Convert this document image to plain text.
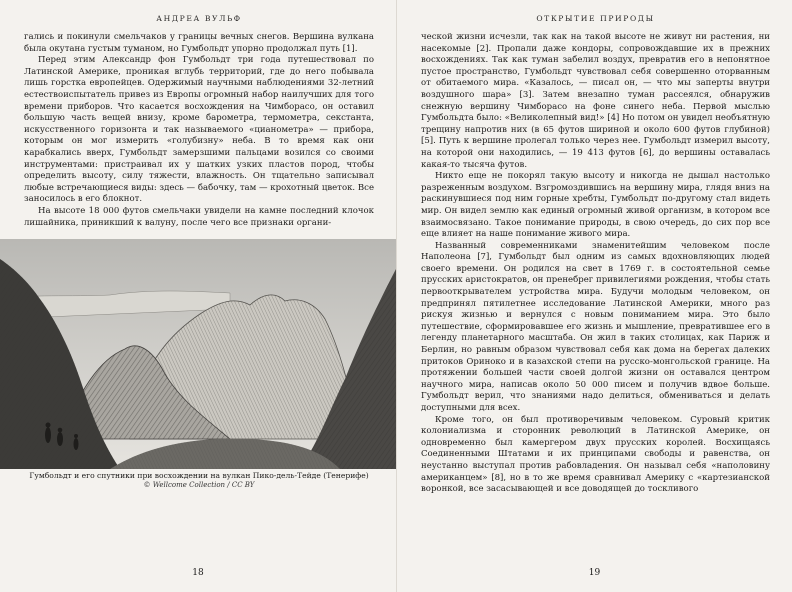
АНДРЕА ВУЛЬФ

гались и покинули смельчаков у границы вечных снегов. Вершина вулкана была окутана густым туманом, но Гумбольдт упорно продолжал путь [1].

Перед этим Александр фон Гумбольдт три года путешествовал по Латинской Америке, проникая вглубь территорий, где до него побывала лишь горстка европейцев. Одержимый научными наблюдениями 32-летний естествоиспытатель привез из Европы огромный набор наилучших для того времени приборов. Что касается восхождения на Чимборасо, он оставил большую часть вещей внизу, кроме барометра, термометра, секстанта, искусственного горизонта и так называемого «цианометра» — прибора, которым он мог измерить «голубизну» неба. В то время как они карабкались вверх, Гумбольдт замерзшими пальцами возился со своими инструментами: пристраивал их у шатких узких пластов пород, чтобы определить высоту, силу тяжести, влажность. Он тщательно записывал любые встречающиеся виды: здесь — бабочку, там — крохотный цветок. Все заносилось в его блокнот.

На высоте 18 000 футов смельчаки увидели на камне последний клочок лишайника, приникший к валуну, после чего все признаки органи-

Гумбольдт и его спутники при восхождении на вулкан Пико-дель-Тейде (Тенерифе)
© Wellcome Collection / CC BY
18
ОТКРЫТИЕ ПРИРОДЫ

ческой жизни исчезли, так как на такой высоте не живут ни растения, ни насекомые [2]. Пропали даже кондоры, сопровождавшие их в прежних восхождениях. Так как туман забелил воздух, превратив его в непонятное пустое пространство, Гумбольдт чувствовал себя совершенно оторванным от обитаемого мира. «Казалось, — писал он, — что мы заперты внутри воздушного шара» [3]. Затем внезапно туман рассеялся, обнаружив снежную вершину Чимборасо на фоне синего неба. Первой мыслью Гумбольдта было: «Великолепный вид!» [4] Но потом он увидел необъятную трещину напротив них (в 65 футов шириной и около 600 футов глубиной) [5]. Путь к вершине пролегал только через нее. Гумбольдт измерил высоту, на которой они находились, — 19 413 футов [6], до вершины оставалась какая-то тысяча футов.

Никто еще не покорял такую высоту и никогда не дышал настолько разреженным воздухом. Взгромоздившись на вершину мира, глядя вниз на раскинувшиеся под ним горные хребты, Гумбольдт по-другому стал видеть мир. Он видел землю как единый огромный живой организм, в котором все взаимосвязано. Такое понимание природы, в свою очередь, до сих пор все еще влияет на наше понимание живого мира.

Названный современниками знаменитейшим человеком после Наполеона [7], Гумбольдт был одним из самых вдохновляющих людей своего времени. Он родился на свет в 1769 г. в состоятельной семье прусских аристократов, он пренебрег привилегиями рождения, чтобы стать первооткрывателем устройства мира. Будучи молодым человеком, он предпринял пятилетнее исследование Латинской Америки, много раз рискуя жизнью и вернулся с новым пониманием мира. Это было путешествие, сформировавшее его жизнь и мышление, превратившее его в легенду планетарного масштаба. Он жил в таких столицах, как Париж и Берлин, но равным образом чувствовал себя как дома на берегах далеких притоков Ориноко и в казахской степи на русско-монгольской границе. На протяжении большей части своей долгой жизни он оставался центром научного мира, написав около 50 000 писем и получив вдвое больше. Гумбольдт верил, что знаниями надо делиться, обмениваться и делать доступными для всех.

Кроме того, он был противоречивым человеком. Суровый критик колониализма и сторонник революций в Латинской Америке, он одновременно был камергером двух прусских королей. Восхищаясь Соединенными Штатами и их принципами свободы и равенства, он неустанно выступал против рабовладения. Он называл себя «наполовину американцем» [8], но в то же время сравнивал Америку с «картезианской воронкой, все засасывающей и все доводящей до тоскливого

19
